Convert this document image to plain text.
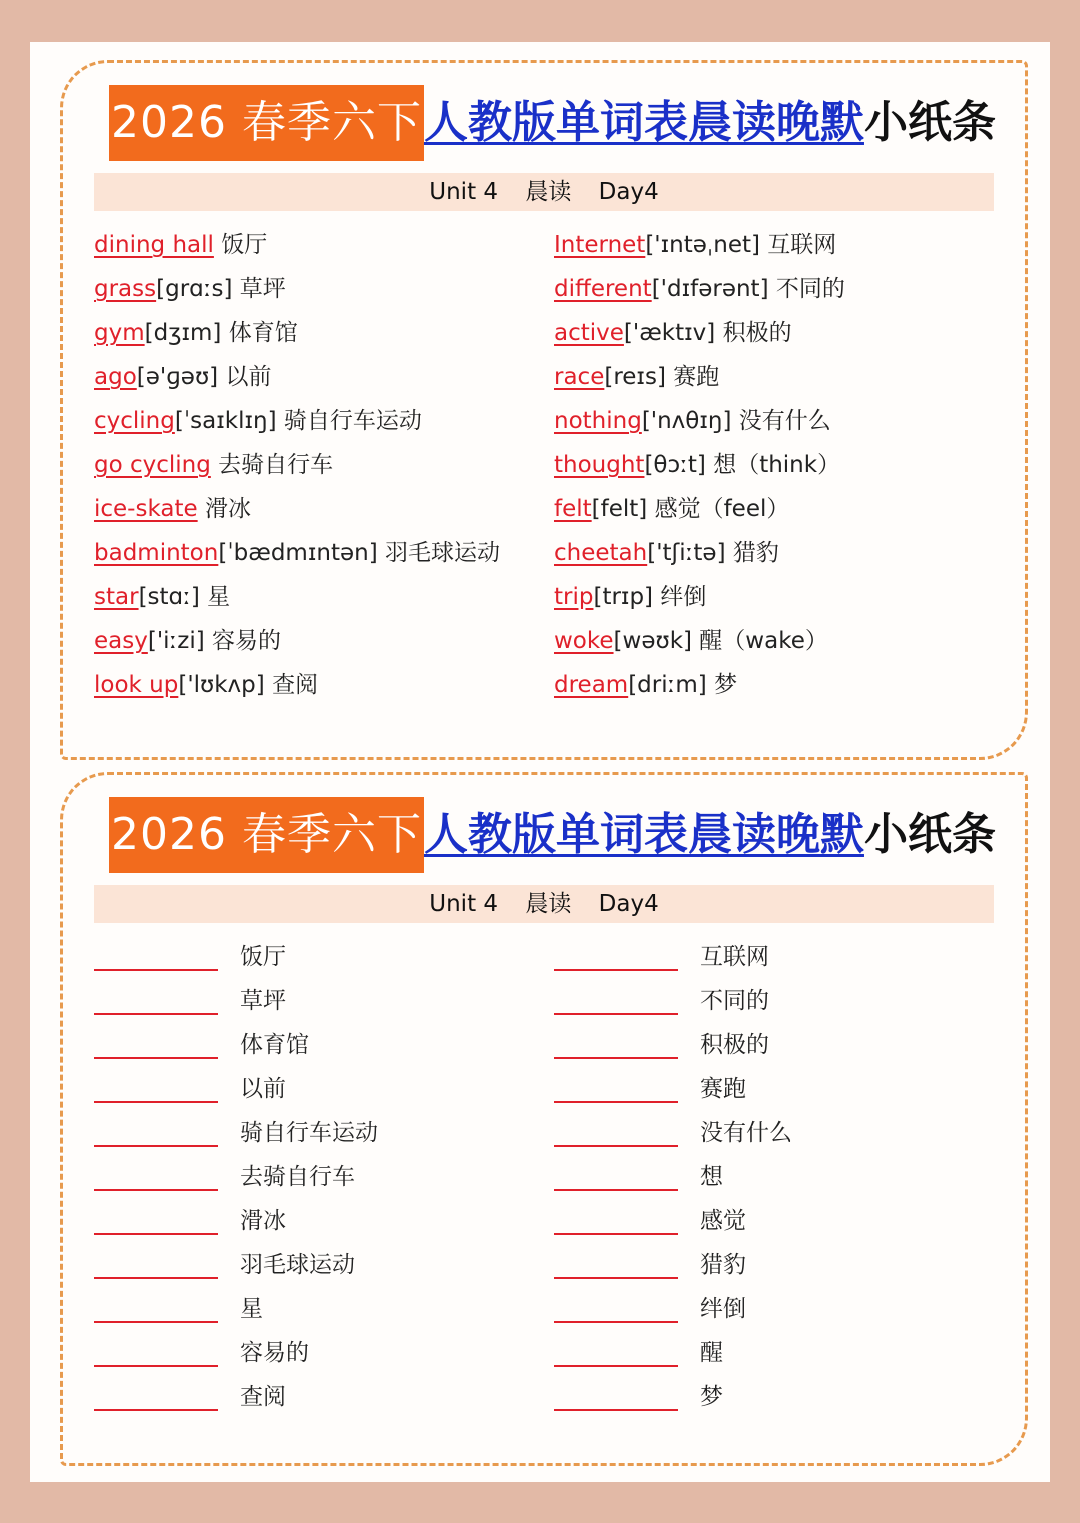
2026 春季六下 人教版单词表晨读晚默 小纸条
Unit 4 晨读 Day4
dining hall 饭厅
grass[grɑːs] 草坪
gym[dʒɪm] 体育馆
ago[ə'ɡəʊ] 以前
cycling[ˈsaɪklɪŋ] 骑自行车运动
go cycling 去骑自行车
ice-skate 滑冰
badminton[ˈbædmɪntən] 羽毛球运动
star[stɑː] 星
easy['iːzi] 容易的
look up['lʊkʌp] 查阅
Internet['ɪntəˌnet] 互联网
different['dɪfərənt] 不同的
active['æktɪv] 积极的
race[reɪs] 赛跑
nothing['nʌθɪŋ] 没有什么
thought[θɔːt] 想（think）
felt[felt] 感觉（feel）
cheetah['tʃiːtə] 猎豹
trip[trɪp] 绊倒
woke[wəʊk] 醒（wake）
dream[driːm] 梦
2026 春季六下 人教版单词表晨读晚默 小纸条
Unit 4 晨读 Day4
饭厅
草坪
体育馆
以前
骑自行车运动
去骑自行车
滑冰
羽毛球运动
星
容易的
查阅
互联网
不同的
积极的
赛跑
没有什么
想
感觉
猎豹
绊倒
醒
梦
